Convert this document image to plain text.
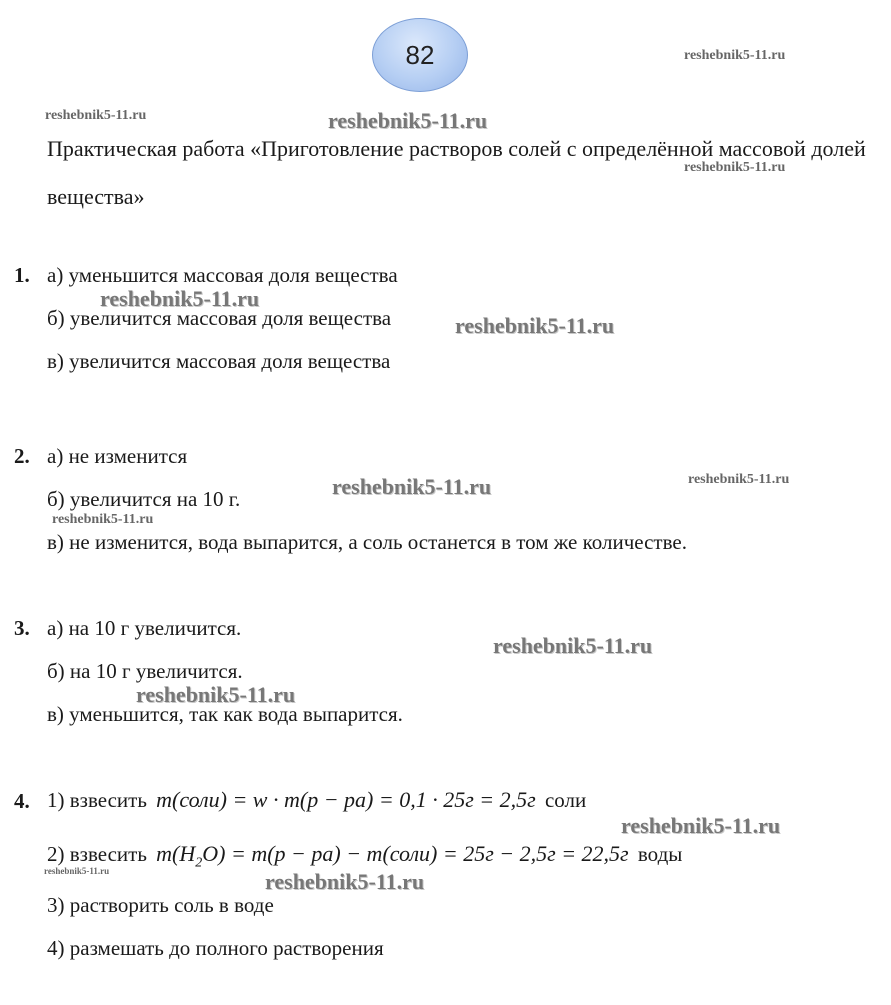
82
Практическая работа «Приготовление растворов солей с определённой массовой долей вещества»
1. а) уменьшится массовая доля вещества
б) увеличится массовая доля вещества
в) увеличится массовая доля вещества
2. а) не изменится
б) увеличится на 10 г.
в) не изменится, вода выпарится, а соль останется в том же количестве.
3. а) на 10 г увеличится.
б) на 10 г увеличится.
в) уменьшится, так как вода выпарится.
4. 1) взвесить m(соли) = w · m(р − ра) = 0,1 · 25г = 2,5г соли
2) взвесить $m(H_2O) = m(р - ра)$ − m(соли) = 25г − 2,5г = 22,5г воды
3) растворить соль в воде
4) размешать до полного растворения
reshebnik5-11.ru
reshebnik5-11.ru	reshebnik5-11.ru
reshebnik5-11.ru
reshebnik5-11.ru
reshebnik5-11.ru
reshebnik5-11.ru	reshebnik5-11.ru
reshebnik5-11.ru
reshebnik5-11.ru
reshebnik5-11.ru
reshebnik5-11.ru
reshebnik5-11.ru	reshebnik5-11.ru
